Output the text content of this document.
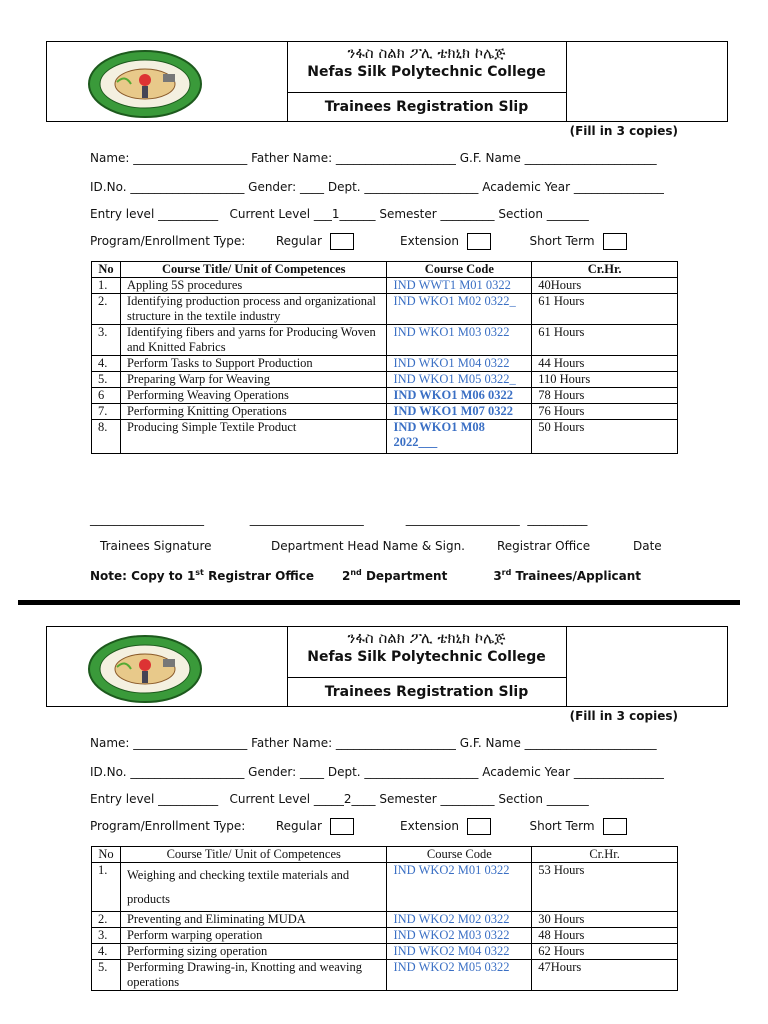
ንፋስ ስልክ ፖሊ ቴክኒክ ኮሌጅ
Nefas Silk Polytechnic College
Trainees Registration Slip
(Fill in 3 copies)
Name: ___________________ Father Name: ____________________ G.F. Name ______________________
ID.No. ___________________ Gender: ____ Dept. ___________________ Academic Year _______________
Entry level __________   Current Level ___1______ Semester _________ Section _______
Program/Enrollment Type:	Regular	Extension	Short Term
No	Course Title/ Unit of Competences	Course Code	Cr.Hr.
1.	Appling 5S procedures	IND WWT1 M01 0322	40Hours
2.	Identifying production process and organizational structure in the textile industry	IND WKO1 M02 0322_	61 Hours
3.	Identifying fibers and yarns for Producing Woven and Knitted Fabrics	IND WKO1 M03 0322	61 Hours
4.	Perform Tasks to Support Production	IND WKO1 M04 0322	44 Hours
5.	Preparing Warp for Weaving	IND WKO1 M05 0322_	110 Hours
6	Performing Weaving Operations	IND WKO1 M06 0322	78 Hours
7.	Performing Knitting Operations	IND WKO1 M07 0322	76 Hours
8.	Producing Simple Textile Product	IND WKO1 M08 2022___	50 Hours
___________________            ___________________           ___________________  __________
Trainees Signature	Department Head Name & Sign.	Registrar Office	Date
Note: Copy to 1st Registrar Office 2nd Department	3rd Trainees/Applicant
ንፋስ ስልክ ፖሊ ቴክኒክ ኮሌጅ
Nefas Silk Polytechnic College
Trainees Registration Slip
(Fill in 3 copies)
Name: ___________________ Father Name: ____________________ G.F. Name ______________________
ID.No. ___________________ Gender: ____ Dept. ___________________ Academic Year _______________
Entry level __________   Current Level _____2____ Semester _________ Section _______
Program/Enrollment Type:	Regular	Extension	Short Term
No	Course Title/ Unit of Competences	Course Code	Cr.Hr.
1.	Weighing and checking textile materials and products	IND WKO2 M01 0322	53 Hours
2.	Preventing and Eliminating MUDA	IND WKO2 M02 0322	30 Hours
3.	Perform warping operation	IND WKO2 M03 0322	48 Hours
4.	Performing sizing operation	IND WKO2 M04 0322	62 Hours
5.	Performing Drawing-in, Knotting and weaving operations	IND WKO2 M05 0322	47Hours
